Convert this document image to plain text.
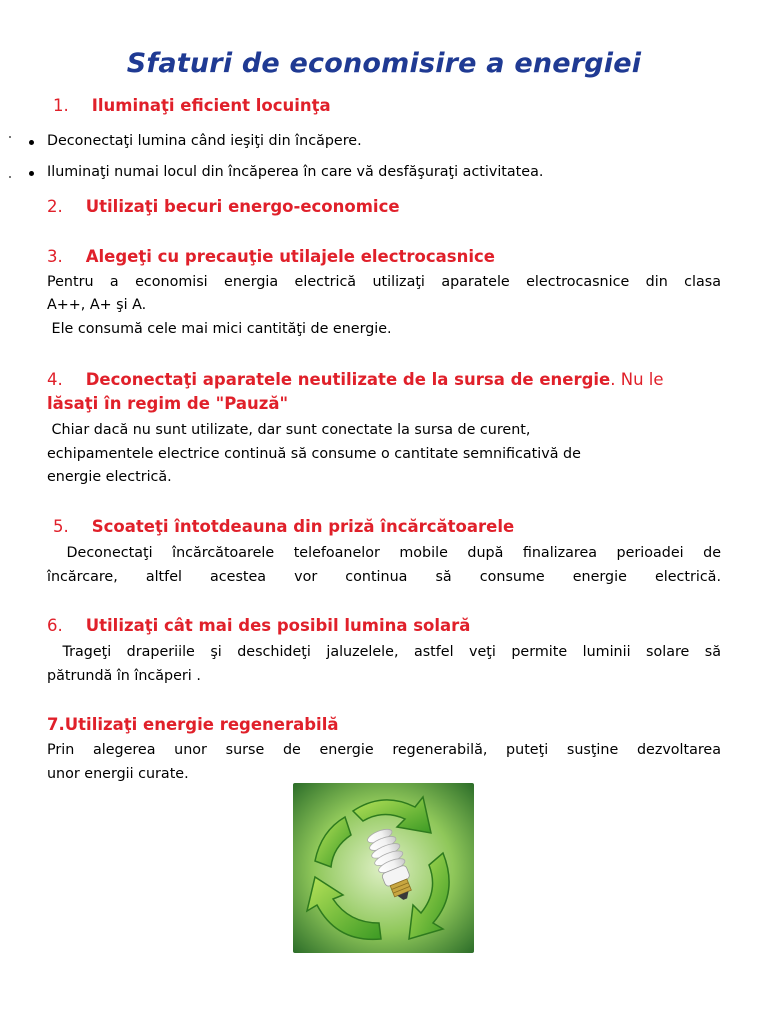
Sfaturi de economisire a energiei
1. Iluminaţi eficient locuinţa
Deconectaţi lumina când ieşiţi din încăpere.
Iluminaţi numai locul din încăperea în care vă desfăşuraţi activitatea.
2. Utilizaţi becuri energo-economice
3. Alegeţi cu precauţie utilajele electrocasnice
Pentru a economisi energia electrică utilizaţi aparatele electrocasnice din clasa
A++, A+ şi A.
Ele consumă cele mai mici cantităţi de energie.
4. Deconectaţi aparatele neutilizate de la sursa de energie. Nu le
lăsaţi în regim de "Pauză"
Chiar dacă nu sunt utilizate, dar sunt conectate la sursa de curent,
echipamentele electrice continuă să consume o cantitate semnificativă de
energie electrică.
5. Scoateţi întotdeauna din priză încărcătoarele
Deconectaţi încărcătoarele telefoanelor mobile după finalizarea perioadei de
încărcare, altfel acestea vor continua să consume energie electrică.
6. Utilizaţi cât mai des posibil lumina solară
Trageţi draperiile şi deschideţi jaluzelele, astfel veţi permite luminii solare să
pătrundă în încăperi .
7.Utilizaţi energie regenerabilă
Prin alegerea unor surse de energie regenerabilă, puteţi susţine dezvoltarea
unor energii curate.
